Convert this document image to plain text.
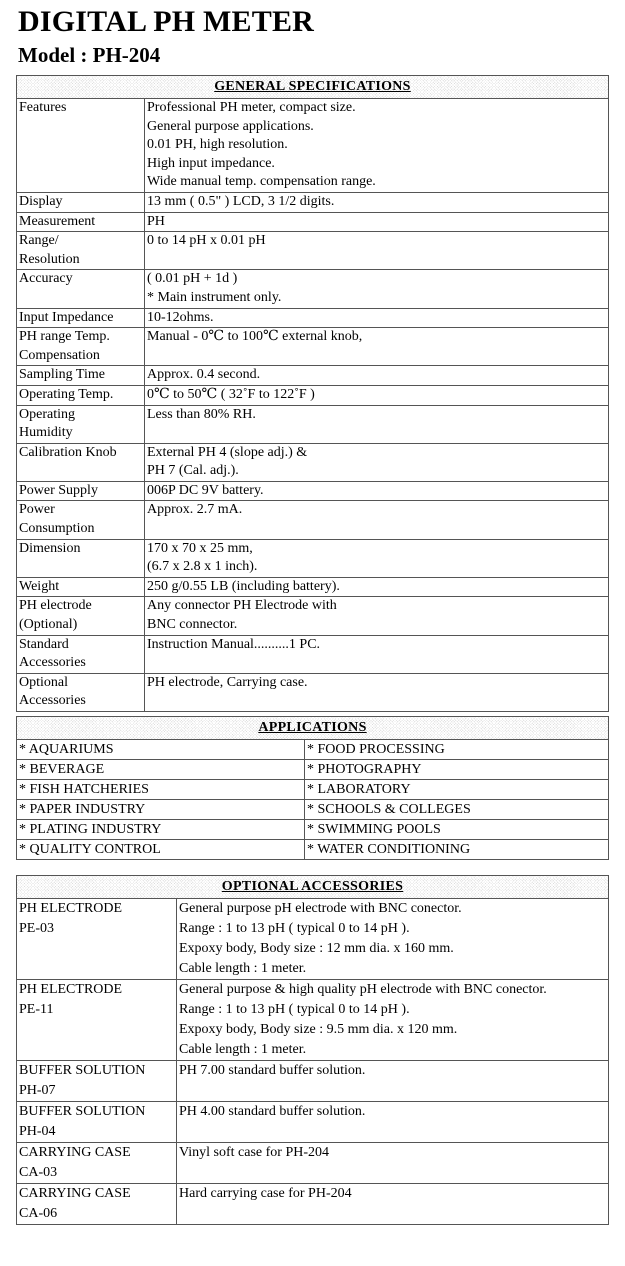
DIGITAL PH METER
Model : PH-204
GENERAL SPECIFICATIONS	

Features	Professional PH meter, compact size.
General purpose applications.
0.01 PH, high resolution.
High input impedance.
Wide manual temp. compensation range.

Display	13 mm ( 0.5" ) LCD, 3 1/2 digits.

Measurement	PH

Range/
Resolution	0 to 14 pH x 0.01 pH

Accuracy	( 0.01 pH + 1d )
* Main instrument only.

Input Impedance	10-12ohms.

PH range Temp.
Compensation	Manual - 0℃ to 100℃ external knob,

Sampling Time	Approx. 0.4 second.

Operating Temp.	0℃ to 50℃ ( 32˚F to 122˚F )

Operating
Humidity	Less than 80% RH.

Calibration Knob	External PH 4 (slope adj.) &
PH 7 (Cal. adj.).

Power Supply	006P DC 9V battery.

Power
Consumption	Approx. 2.7 mA.

Dimension	170 x 70 x 25 mm,
(6.7 x 2.8 x 1 inch).

Weight	250 g/0.55 LB (including battery).

PH electrode
(Optional)	Any connector PH Electrode with
BNC connector.

Standard
Accessories	Instruction Manual..........1 PC.

Optional
Accessories	PH electrode, Carrying case.
APPLICATIONS	
* AQUARIUMS	* FOOD PROCESSING
* BEVERAGE	* PHOTOGRAPHY
* FISH HATCHERIES	* LABORATORY
* PAPER INDUSTRY	* SCHOOLS & COLLEGES
* PLATING INDUSTRY	* SWIMMING POOLS
* QUALITY CONTROL	* WATER CONDITIONING
OPTIONAL ACCESSORIES	

PH ELECTRODE
PE-03	General purpose pH electrode with BNC conector.
Range : 1 to 13 pH ( typical 0 to 14 pH ).
Expoxy body, Body size : 12 mm dia. x 160 mm.
Cable length : 1 meter.

PH ELECTRODE
PE-11	General purpose & high quality pH electrode with BNC conector.
Range : 1 to 13 pH ( typical 0 to 14 pH ).
Expoxy body, Body size : 9.5 mm dia. x 120 mm.
Cable length : 1 meter.

BUFFER SOLUTION
PH-07	PH 7.00 standard buffer solution.

BUFFER SOLUTION
PH-04	PH 4.00 standard buffer solution.

CARRYING CASE
CA-03	Vinyl soft case for PH-204

CARRYING CASE
CA-06	Hard carrying case for PH-204
